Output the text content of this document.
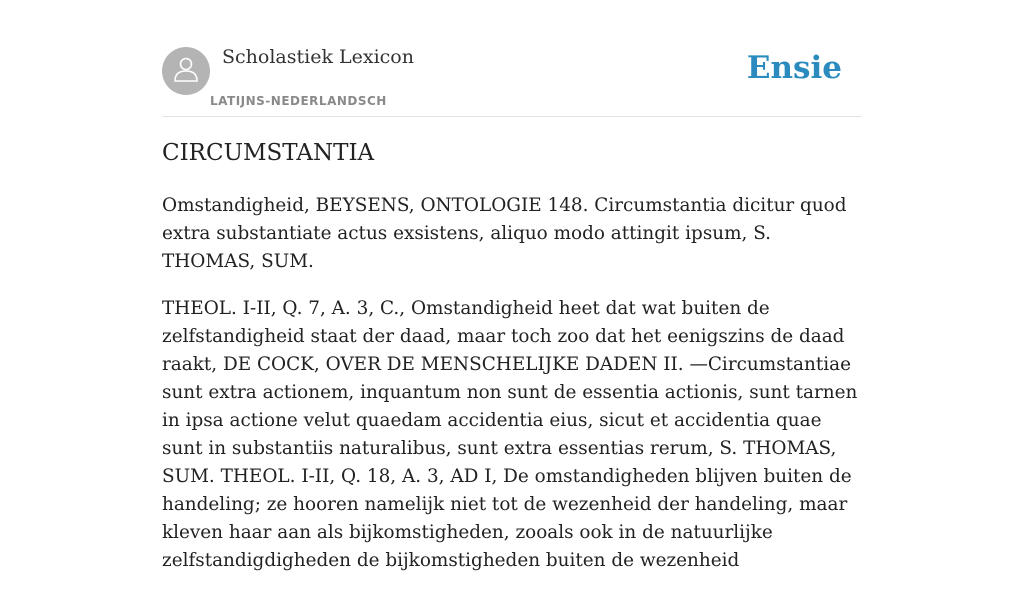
Scholastiek Lexicon
LATIJNS-NEDERLANDSCH
Ensie
CIRCUMSTANTIA

Omstandigheid, BEYSENS, ONTOLOGIE 148. Circumstantia dicitur quod extra substantiate actus exsistens, aliquo modo attingit ipsum, S. THOMAS, SUM.

THEOL. I-II, Q. 7, A. 3, C., Omstandigheid heet dat wat buiten de zelfstandigheid staat der daad, maar toch zoo dat het eenigszins de daad raakt, DE COCK, OVER DE MENSCHELIJKE DADEN II. —Circumstantiae sunt extra actionem, inquantum non sunt de essentia actionis, sunt tarnen in ipsa actione velut quaedam accidentia eius, sicut et accidentia quae sunt in substantiis naturalibus, sunt extra essentias rerum, S. THOMAS, SUM. THEOL. I-II, Q. 18, A. 3, AD I, De omstandigheden blijven buiten de handeling; ze hooren namelijk niet tot de wezenheid der handeling, maar kleven haar aan als bijkomstigheden, zooals ook in de natuurlijke zelfstandigdigheden de bijkomstigheden buiten de wezenheid
